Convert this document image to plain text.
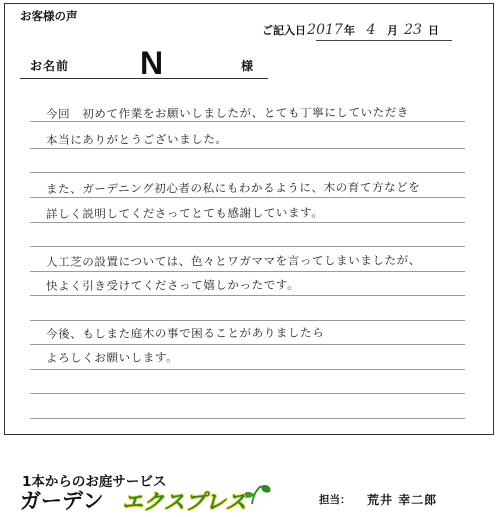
お客様の声
ご記入日2017年 4 月 23 日
お名前 N	様
今回　初めて作業をお願いしましたが、とても丁寧にしていただき
本当にありがとうございました。
また、ガーデニング初心者の私にもわかるように、木の育て方などを
詳しく説明してくださってとても感謝しています。
人工芝の設置については、色々とワガママを言ってしまいましたが、
快よく引き受けてくださって嬉しかったです。
今後、もしまた庭木の事で困ることがありましたら
よろしくお願いします。
1本からのお庭サービス
ガーデン エクスプレス	担当： 荒井 幸二郎
